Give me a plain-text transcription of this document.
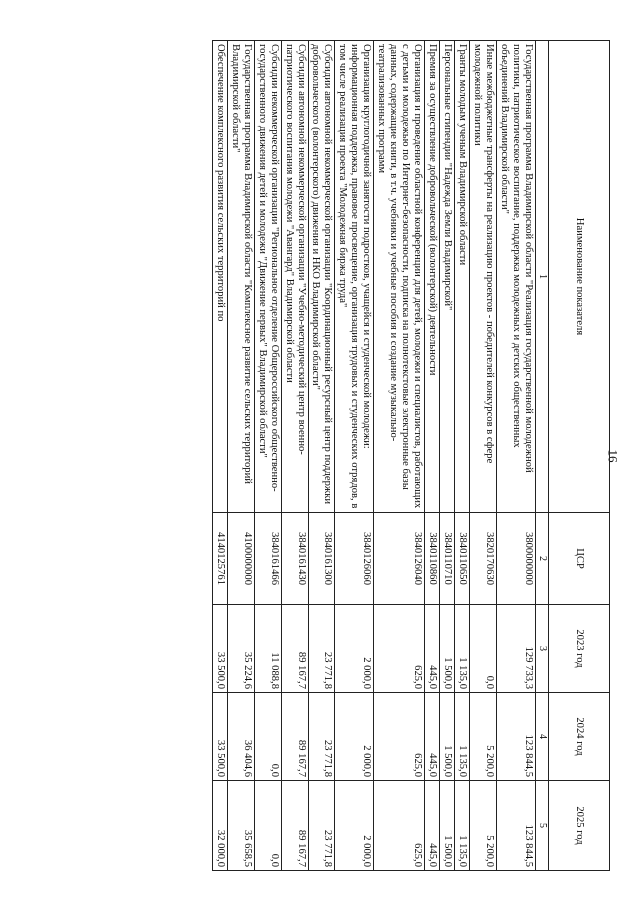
16
Наименование показателя	ЦСР	2023 год	2024 год	2025 год
1	2	3	4	5
Государственная программа Владимирской области "Реализация государственной молодежной политики, патриотическое воспитание, поддержка молодежных и детских общественных объединений Владимирской области"	3800000000	129 733,3	123 844,5	123 844,5
Иные межбюджетные трансферты на реализацию проектов - победителей конкурсов в сфере молодежной политики	3820170630	0,0	5 200,0	5 200,0
Гранты молодым ученым Владимирской области	3840110650	1 135,0	1 135,0	1 135,0
Персональные стипендии "Надежда Земли Владимирской"	3840110710	1 500,0	1 500,0	1 500,0
Премия за осуществление добровольческой (волонтерской) деятельности	3840110860	445,0	445,0	445,0
Организация и проведение областной конференции для детей, молодежи и специалистов, работающих с детьми и молодежью по Интернет-безопасности, подписка на полнотекстовые электронные базы данных, содержащие книги, в т.ч. учебники и учебные пособия и создание музыкально-театрализованных программ	3840126040	625,0	625,0	625,0
Организация круглогодичной занятости подростков, учащейся и студенческой молодежи: информационная поддержка, правовое просвещение, организация трудовых и студенческих отрядов, в том числе реализация проекта "Молодежная биржа труда"	3840126060	2 000,0	2 000,0	2 000,0
Субсидии автономной некоммерческой организации "Координационный ресурсный центр поддержки добровольческого (волонтерского) движения и НКО Владимирской области"	3840161300	23 771,8	23 771,8	23 771,8
Субсидии автономной некоммерческой организации "Учебно-методический центр военно-патриотического воспитания молодежи "Авангард" Владимирской области	3840161430	89 167,7	89 167,7	89 167,7
Субсидии некоммерческой организации "Региональное отделение Общероссийского общественно-государственного движения детей и молодежи "Движение первых" Владимирской области"	3840161466	11 088,8	0,0	0,0
Государственная программа Владимирской области "Комплексное развитие сельских территорий Владимирской области"	4100000000	35 224,6	36 404,6	35 658,5
Обеспечение комплексного развития сельских территорий по	4140125761	33 500,0	33 500,0	32 000,0
